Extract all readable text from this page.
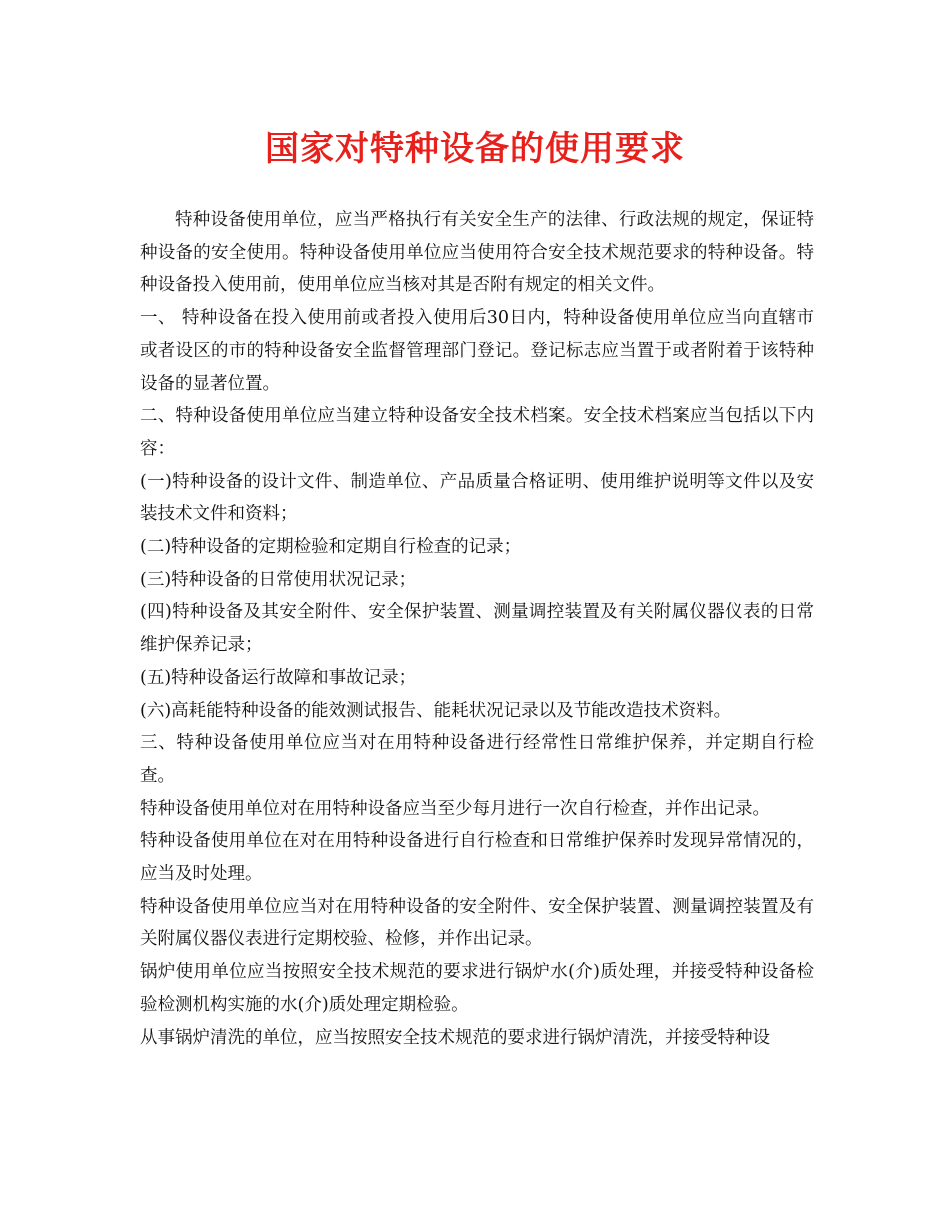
国家对特种设备的使用要求

特种设备使用单位，应当严格执行有关安全生产的法律、行政法规的规定，保证特种设备的安全使用。特种设备使用单位应当使用符合安全技术规范要求的特种设备。特种设备投入使用前，使用单位应当核对其是否附有规定的相关文件。

一、 特种设备在投入使用前或者投入使用后30日内，特种设备使用单位应当向直辖市或者设区的市的特种设备安全监督管理部门登记。登记标志应当置于或者附着于该特种设备的显著位置。

二、特种设备使用单位应当建立特种设备安全技术档案。安全技术档案应当包括以下内容：

(一)特种设备的设计文件、制造单位、产品质量合格证明、使用维护说明等文件以及安装技术文件和资料；

(二)特种设备的定期检验和定期自行检查的记录；

(三)特种设备的日常使用状况记录；

(四)特种设备及其安全附件、安全保护装置、测量调控装置及有关附属仪器仪表的日常维护保养记录；

(五)特种设备运行故障和事故记录；

(六)高耗能特种设备的能效测试报告、能耗状况记录以及节能改造技术资料。

三、特种设备使用单位应当对在用特种设备进行经常性日常维护保养，并定期自行检查。

特种设备使用单位对在用特种设备应当至少每月进行一次自行检查，并作出记录。

特种设备使用单位在对在用特种设备进行自行检查和日常维护保养时发现异常情况的，应当及时处理。

特种设备使用单位应当对在用特种设备的安全附件、安全保护装置、测量调控装置及有关附属仪器仪表进行定期校验、检修，并作出记录。

锅炉使用单位应当按照安全技术规范的要求进行锅炉水(介)质处理，并接受特种设备检验检测机构实施的水(介)质处理定期检验。

从事锅炉清洗的单位，应当按照安全技术规范的要求进行锅炉清洗，并接受特种设
